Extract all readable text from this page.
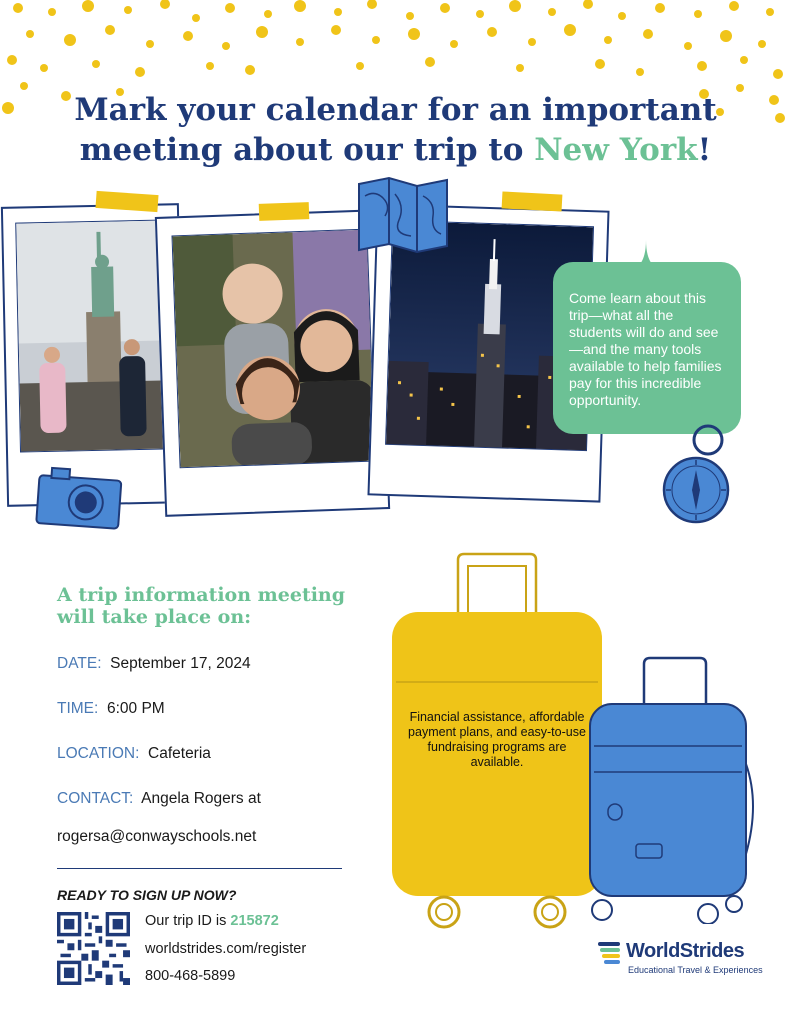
Mark your calendar for an important
meeting about our trip to New York!
Come learn about this trip—what all the students will do and see—and the many tools available to help families pay for this incredible opportunity.
A trip information meeting
will take place on:
DATE: September 17, 2024
TIME: 6:00 PM
LOCATION: Cafeteria
CONTACT: Angela Rogers at
rogersa@conwayschools.net
READY TO SIGN UP NOW?
Our trip ID is 215872
worldstrides.com/register
800-468-5899
Financial assistance, affordable payment plans, and easy-to-use fundraising programs are available.
WorldStrides
Educational Travel & Experiences
